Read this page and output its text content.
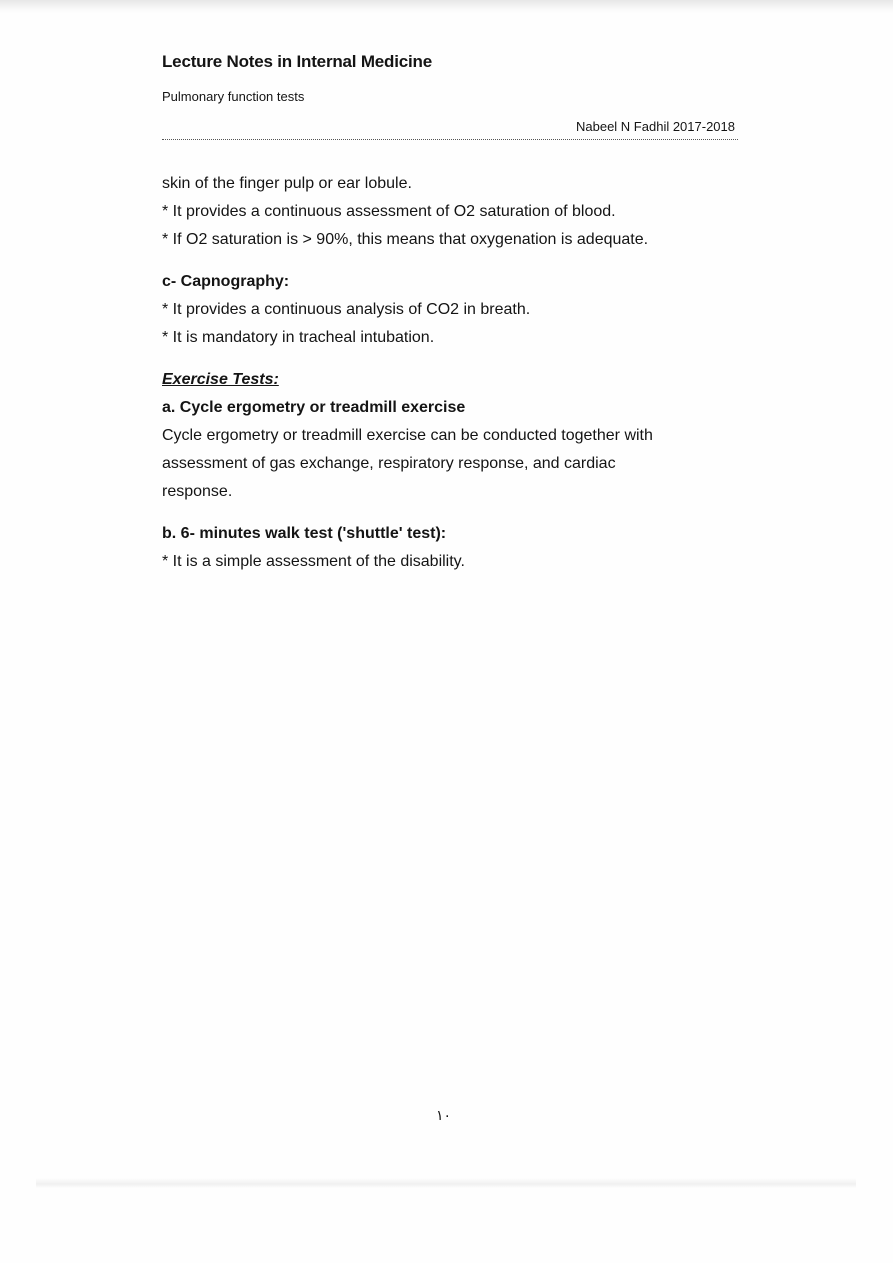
Lecture Notes in Internal Medicine
Pulmonary function tests
Nabeel N Fadhil 2017-2018

skin of the finger pulp or ear lobule.

* It provides a continuous assessment of O2 saturation of blood.

* If O2 saturation is > 90%, this means that oxygenation is adequate.

c- Capnography:

* It provides a continuous analysis of CO2 in breath.

* It is mandatory in tracheal intubation.

Exercise Tests:

a. Cycle ergometry or treadmill exercise

Cycle ergometry or treadmill exercise can be conducted together with

assessment of gas exchange, respiratory response, and cardiac

response.

b. 6- minutes walk test ('shuttle' test):

* It is a simple assessment of the disability.

١٠
